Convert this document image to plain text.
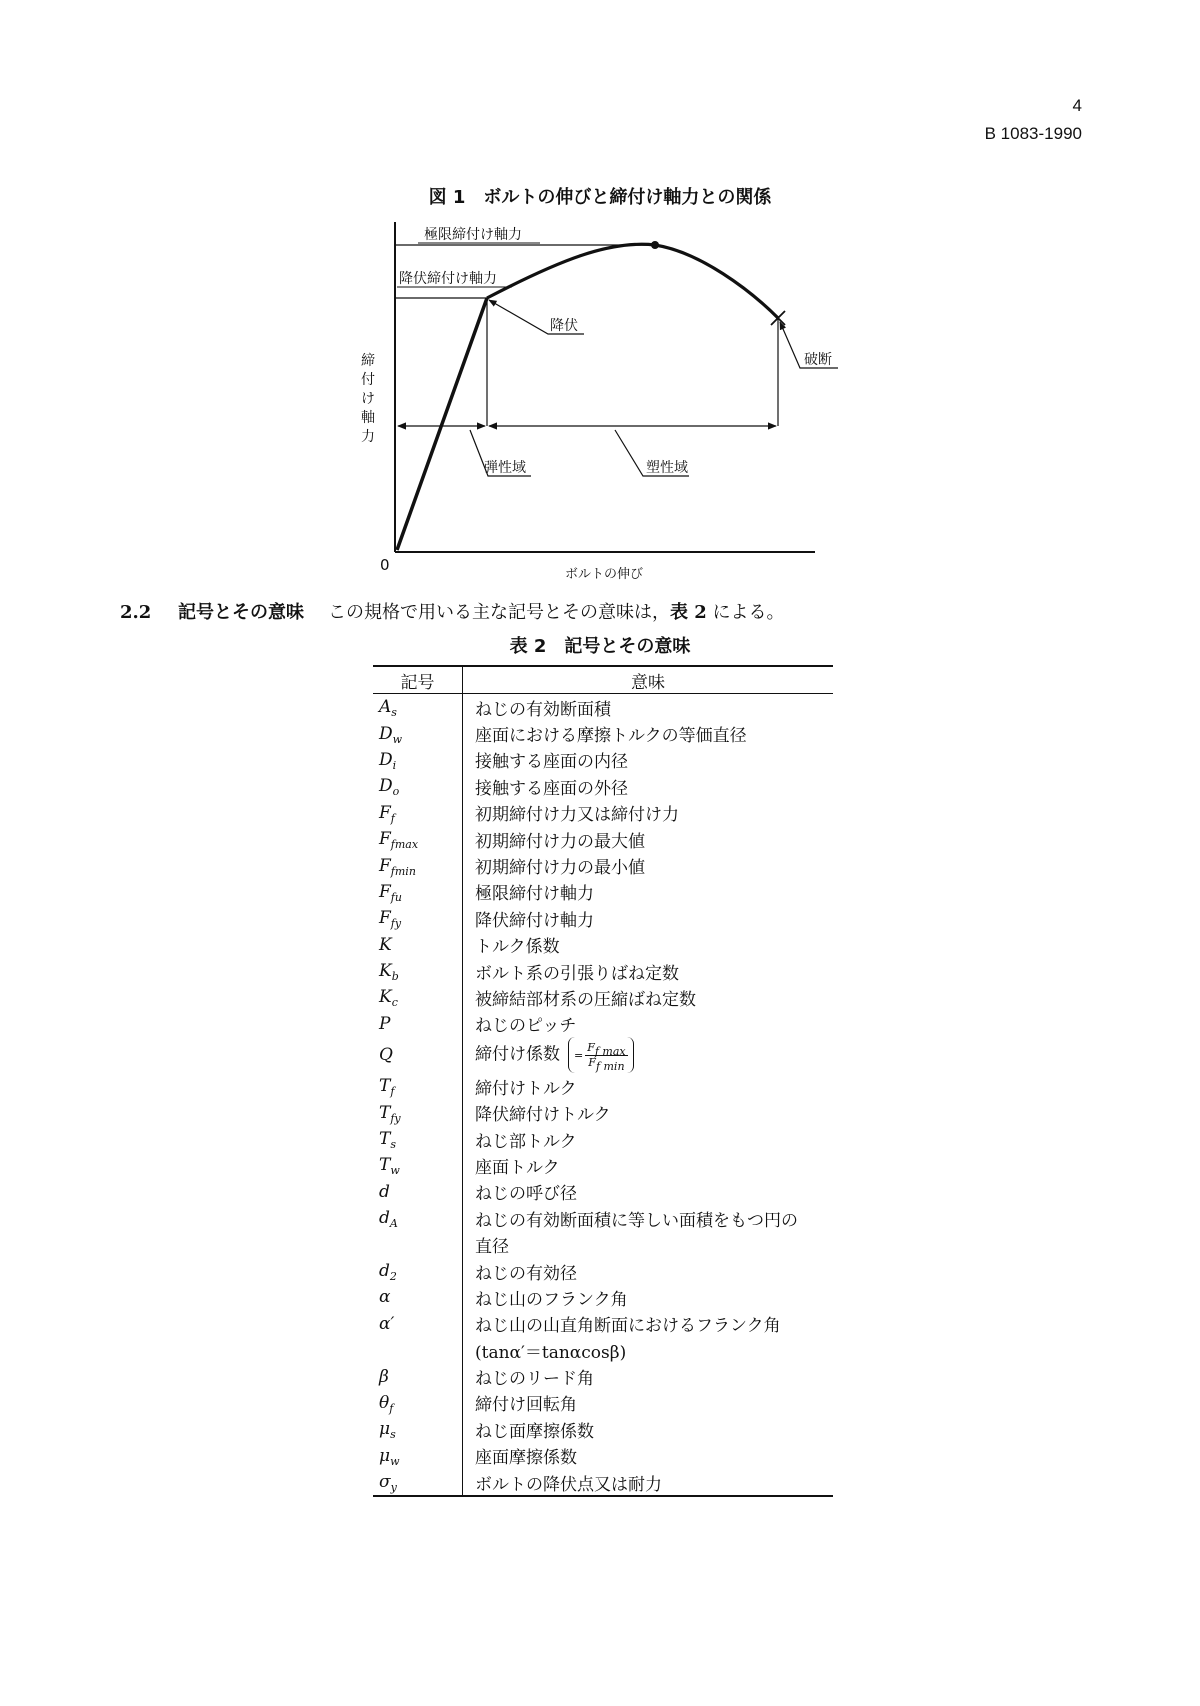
4
B 1083-1990
図 1 ボルトの伸びと締付け軸力との関係
0
ボルトの伸び
極限締付け軸力
降伏締付け軸力
降伏
破断
弾性域	塑性域
締
付
け
軸
力
2.2 記号とその意味 この規格で用いる主な記号とその意味は，表 2 による。
表 2 記号とその意味
記号	意味
$A_s$	ねじの有効断面積
$D_w$	座面における摩擦トルクの等価直径
$D_i$	接触する座面の内径
$D_o$	接触する座面の外径
$F_f$	初期締付け力又は締付け力
$F_{fmax}$	初期締付け力の最大値
$F_{fmin}$	初期締付け力の最小値
$F_{fu}$	極限締付け軸力
$F_{fy}$	降伏締付け軸力
K	トルク係数
$K_b$	ボルト系の引張りばね定数
$K_c$	被締結部材系の圧縮ばね定数
P	ねじのピッチ
Q	締付け係数 = $\frac{F_{f max}}{F_{f min}}$

$T_f$	締付けトルク
$T_{fy}$	降伏締付けトルク
$T_s$	ねじ部トルク
$T_w$	座面トルク
d	ねじの呼び径
$d_A$	ねじの有効断面積に等しい面積をもつ円の
	直径
$d_2$	ねじの有効径
α	ねじ山のフランク角
α′	ねじ山の山直角断面におけるフランク角
	(tanα′＝tanαcosβ)
β	ねじのリード角
$\theta_f$	締付け回転角
$\mu_s$	ねじ面摩擦係数
$\mu_w$	座面摩擦係数
$\sigma_y$	ボルトの降伏点又は耐力
